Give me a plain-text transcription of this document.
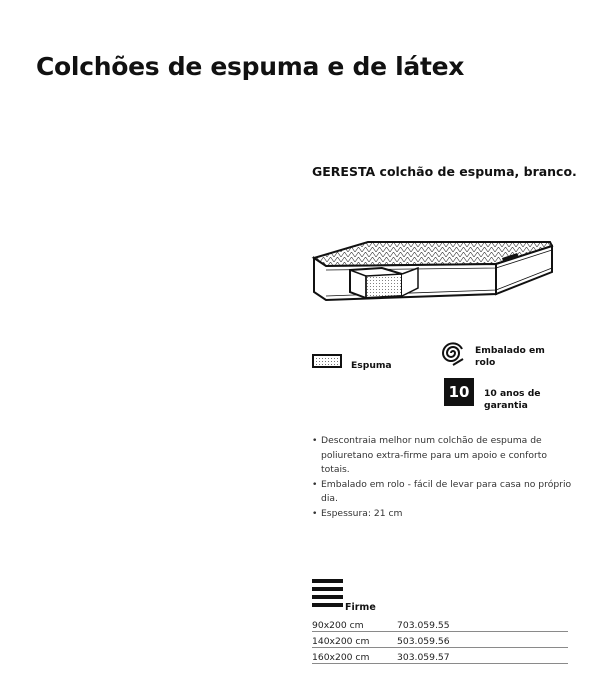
Colchões de espuma e de látex
GERESTA colchão de espuma, branco.
Espuma
Embalado em rolo
10	10 anos de garantia
• Descontraia melhor num colchão de espuma de poliuretano extra-firme para um apoio e conforto totais.
• Embalado em rolo - fácil de levar para casa no próprio dia.
• Espessura: 21 cm
Firme
90x200 cm	703.059.55
140x200 cm	503.059.56
160x200 cm	303.059.57
